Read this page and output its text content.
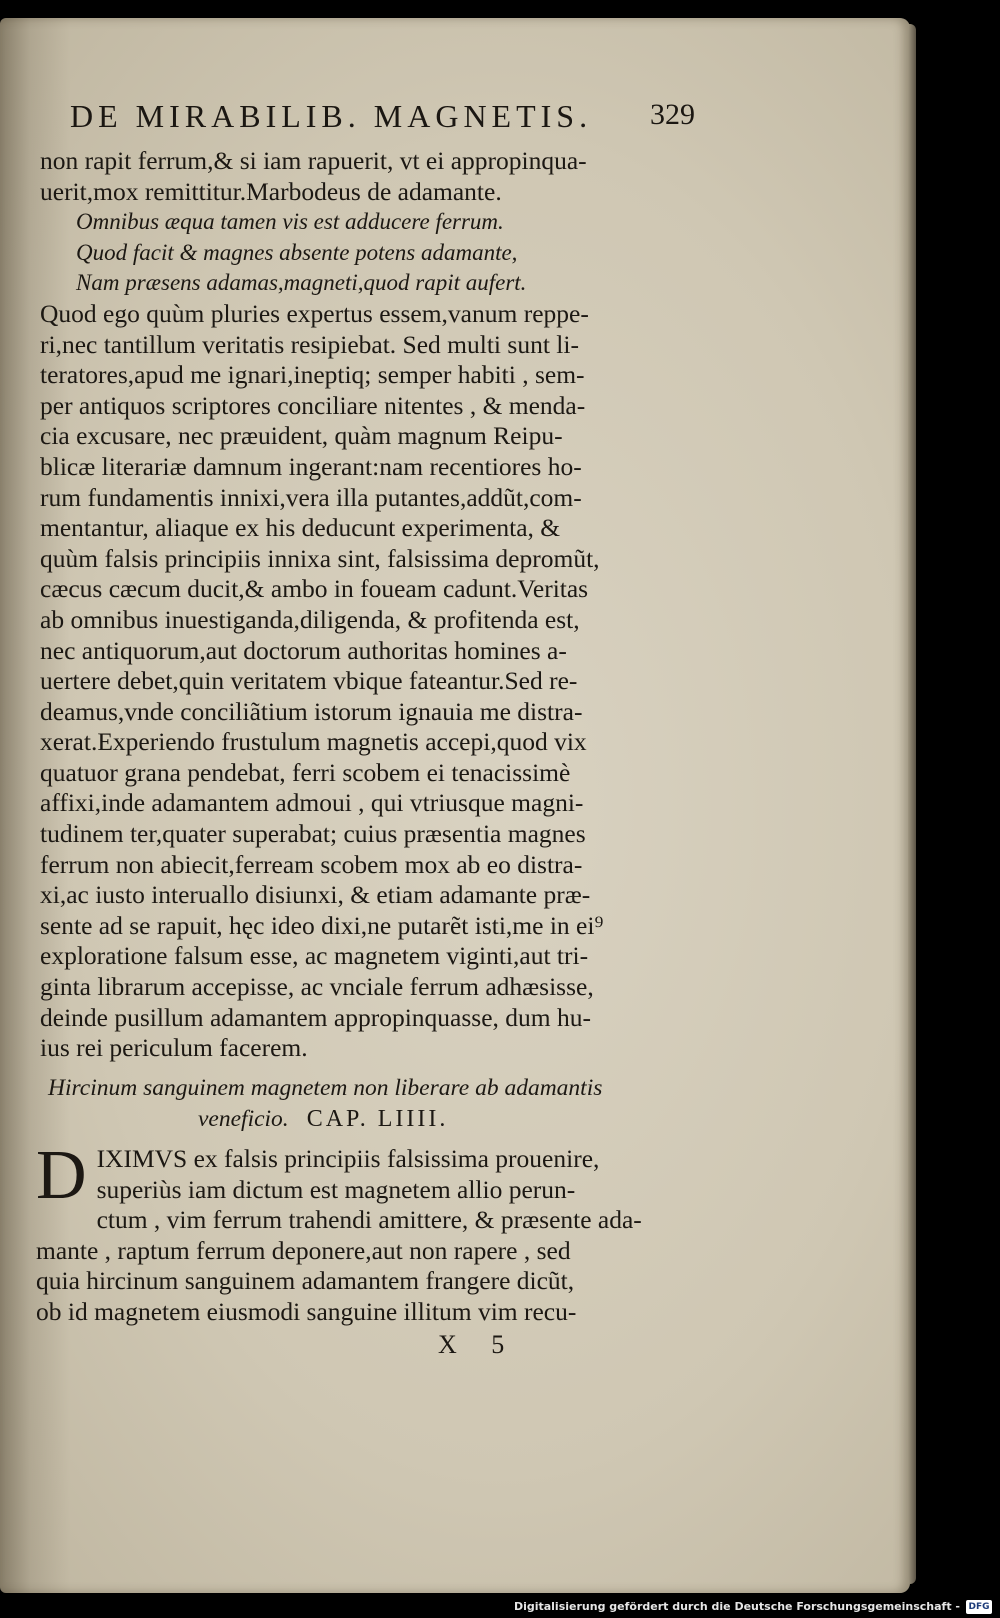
DE MIRABILIB. MAGNETIS. 329
non rapit ferrum,& si iam rapuerit, vt ei appropinqua-
uerit,mox remittitur.Marbodeus de adamante.
Omnibus æqua tamen vis est adducere ferrum.
Quod facit & magnes absente potens adamante,
Nam præsens adamas,magneti,quod rapit aufert.
Quod ego quùm pluries expertus essem,vanum reppe-
ri,nec tantillum veritatis resipiebat. Sed multi sunt li-
teratores,apud me ignari,ineptiq; semper habiti , sem-
per antiquos scriptores conciliare nitentes , & menda-
cia excusare, nec præuident, quàm magnum Reipu-
blicæ literariæ damnum ingerant:nam recentiores ho-
rum fundamentis innixi,vera illa putantes,addũt,com-
mentantur, aliaque ex his deducunt experimenta, &
quùm falsis principiis innixa sint, falsissima depromũt,
cæcus cæcum ducit,& ambo in foueam cadunt.Veritas
ab omnibus inuestiganda,diligenda, & profitenda est,
nec antiquorum,aut doctorum authoritas homines a-
uertere debet,quin veritatem vbique fateantur.Sed re-
deamus,vnde conciliãtium istorum ignauia me distra-
xerat.Experiendo frustulum magnetis accepi,quod vix
quatuor grana pendebat, ferri scobem ei tenacissimè
affixi,inde adamantem admoui , qui vtriusque magni-
tudinem ter,quater superabat; cuius præsentia magnes
ferrum non abiecit,ferream scobem mox ab eo distra-
xi,ac iusto interuallo disiunxi, & etiam adamante præ-
sente ad se rapuit, hęc ideo dixi,ne putarẽt isti,me in ei⁹
exploratione falsum esse, ac magnetem viginti,aut tri-
ginta librarum accepisse, ac vnciale ferrum adhæsisse,
deinde pusillum adamantem appropinquasse, dum hu-
ius rei periculum facerem.
Hircinum sanguinem magnetem non liberare ab adamantis
veneficio. CAP. LIIII.
D IXIMVS ex falsis principiis falsissima prouenire,
superiùs iam dictum est magnetem allio perun-
ctum , vim ferrum trahendi amittere, & præsente ada-
mante , raptum ferrum deponere,aut non rapere , sed
quia hircinum sanguinem adamantem frangere dicũt,
ob id magnetem eiusmodi sanguine illitum vim recu-
X 5
Digitalisierung gefördert durch die Deutsche Forschungsgemeinschaft - DFG
